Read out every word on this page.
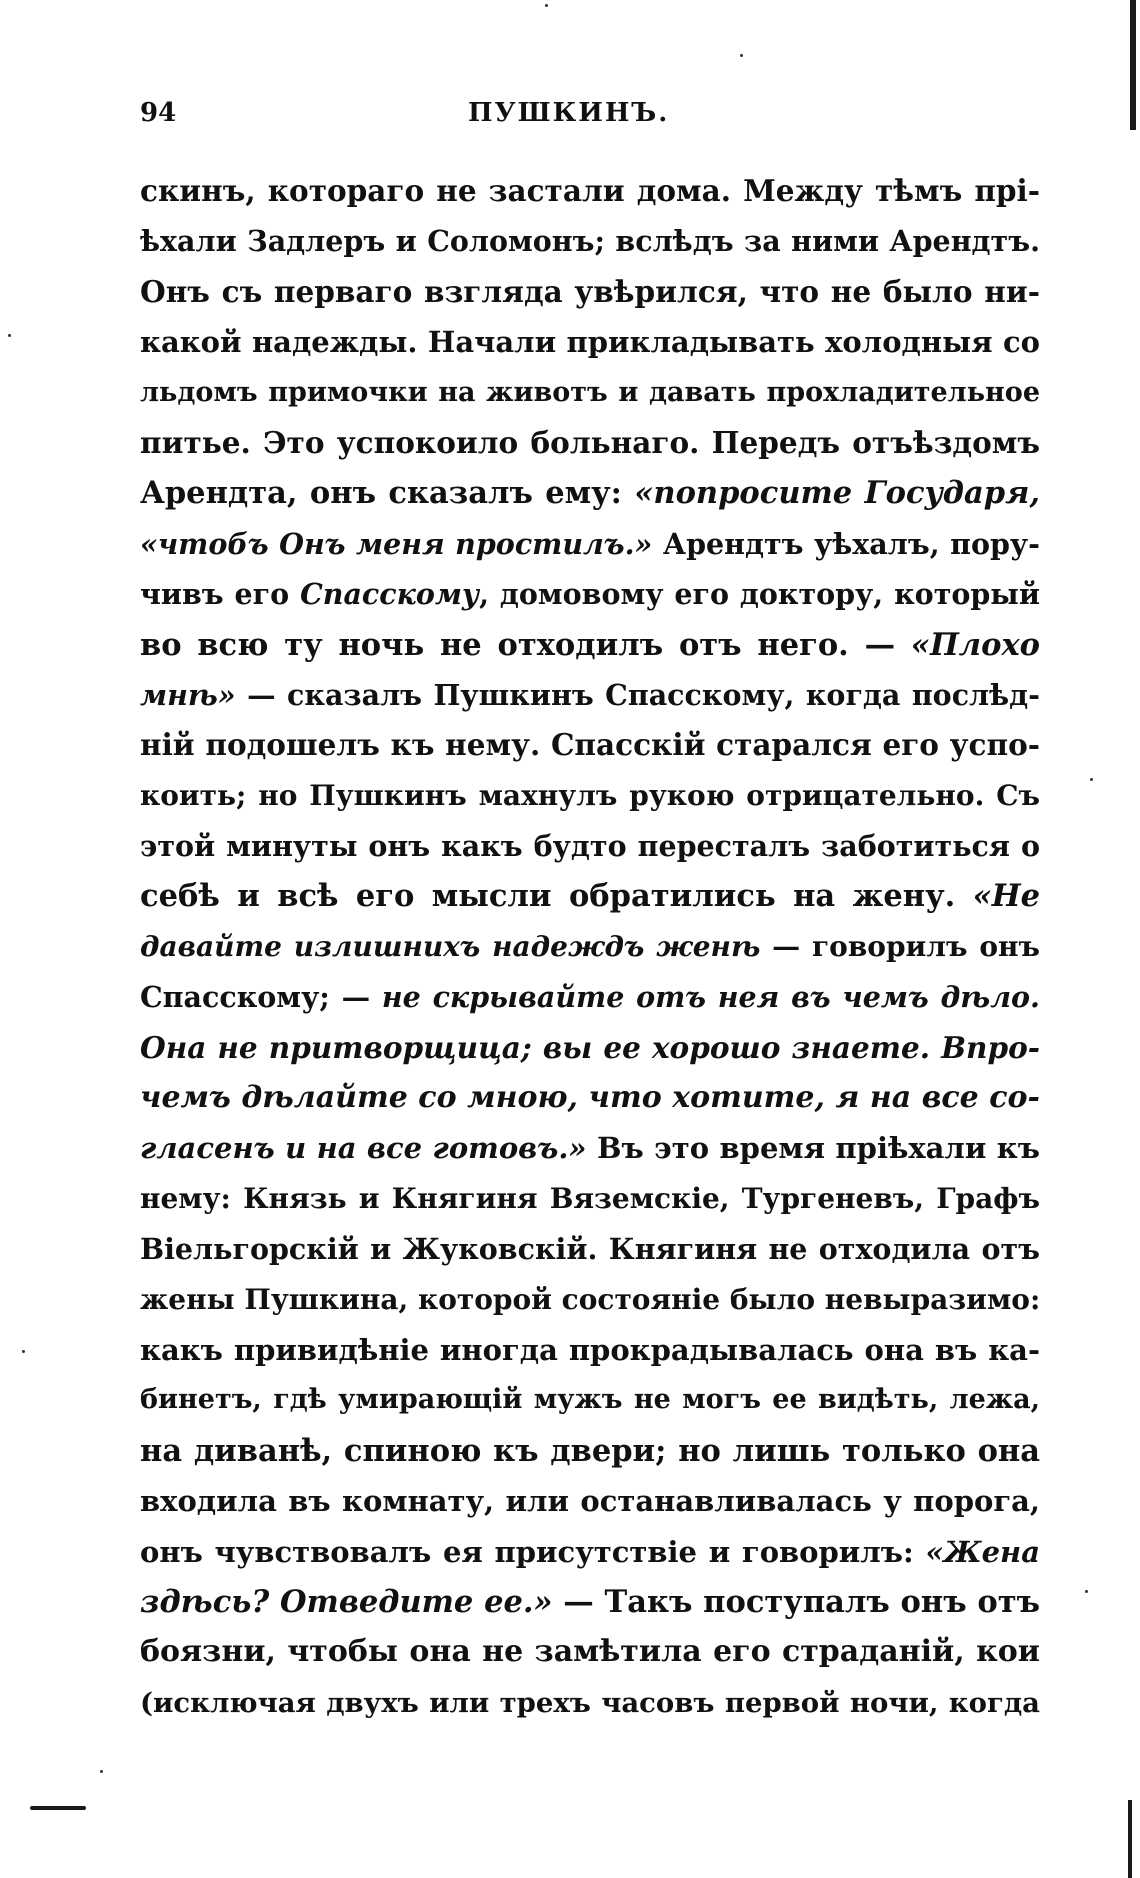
94	ПУШКИНЪ.
скинъ, котораго не застали дома. Между тѣмъ прі-
ѣхали Задлеръ и Соломонъ; вслѣдъ за ними Арендтъ.
Онъ съ перваго взгляда увѣрился, что не было ни-
какой надежды. Начали прикладывать холодныя со
льдомъ примочки на животъ и давать прохладительное
питье. Это успокоило больнаго. Передъ отъѣздомъ
Арендта, онъ сказалъ ему: «попросите Государя,
«чтобъ Онъ меня простилъ.» Арендтъ уѣхалъ, пору-
чивъ его Спасскому, домовому его доктору, который
во всю ту ночь не отходилъ отъ него. — «Плохо
мнѣ» — сказалъ Пушкинъ Спасскому, когда послѣд-
ній подошелъ къ нему. Спасскій старался его успо-
коить; но Пушкинъ махнулъ рукою отрицательно. Съ
этой минуты онъ какъ будто пересталъ заботиться о
себѣ и всѣ его мысли обратились на жену. «Не
давайте излишнихъ надеждъ женѣ — говорилъ онъ
Спасскому; — не скрывайте отъ нея въ чемъ дѣло.
Она не притворщица; вы ее хорошо знаете. Впро-
чемъ дѣлайте со мною, что хотите, я на все со-
гласенъ и на все готовъ.» Въ это время пріѣхали къ
нему: Князь и Княгиня Вяземскіе, Тургеневъ, Графъ
Віельгорскій и Жуковскій. Княгиня не отходила отъ
жены Пушкина, которой состояніе было невыразимо:
какъ привидѣніе иногда прокрадывалась она въ ка-
бинетъ, гдѣ умирающій мужъ не могъ ее видѣть, лежа,
на диванѣ, спиною къ двери; но лишь только она
входила въ комнату, или останавливалась у порога,
онъ чувствовалъ ея присутствіе и говорилъ: «Жена
здѣсь? Отведите ее.» — Такъ поступалъ онъ отъ
боязни, чтобы она не замѣтила его страданій, кои
(исключая двухъ или трехъ часовъ первой ночи, когда
